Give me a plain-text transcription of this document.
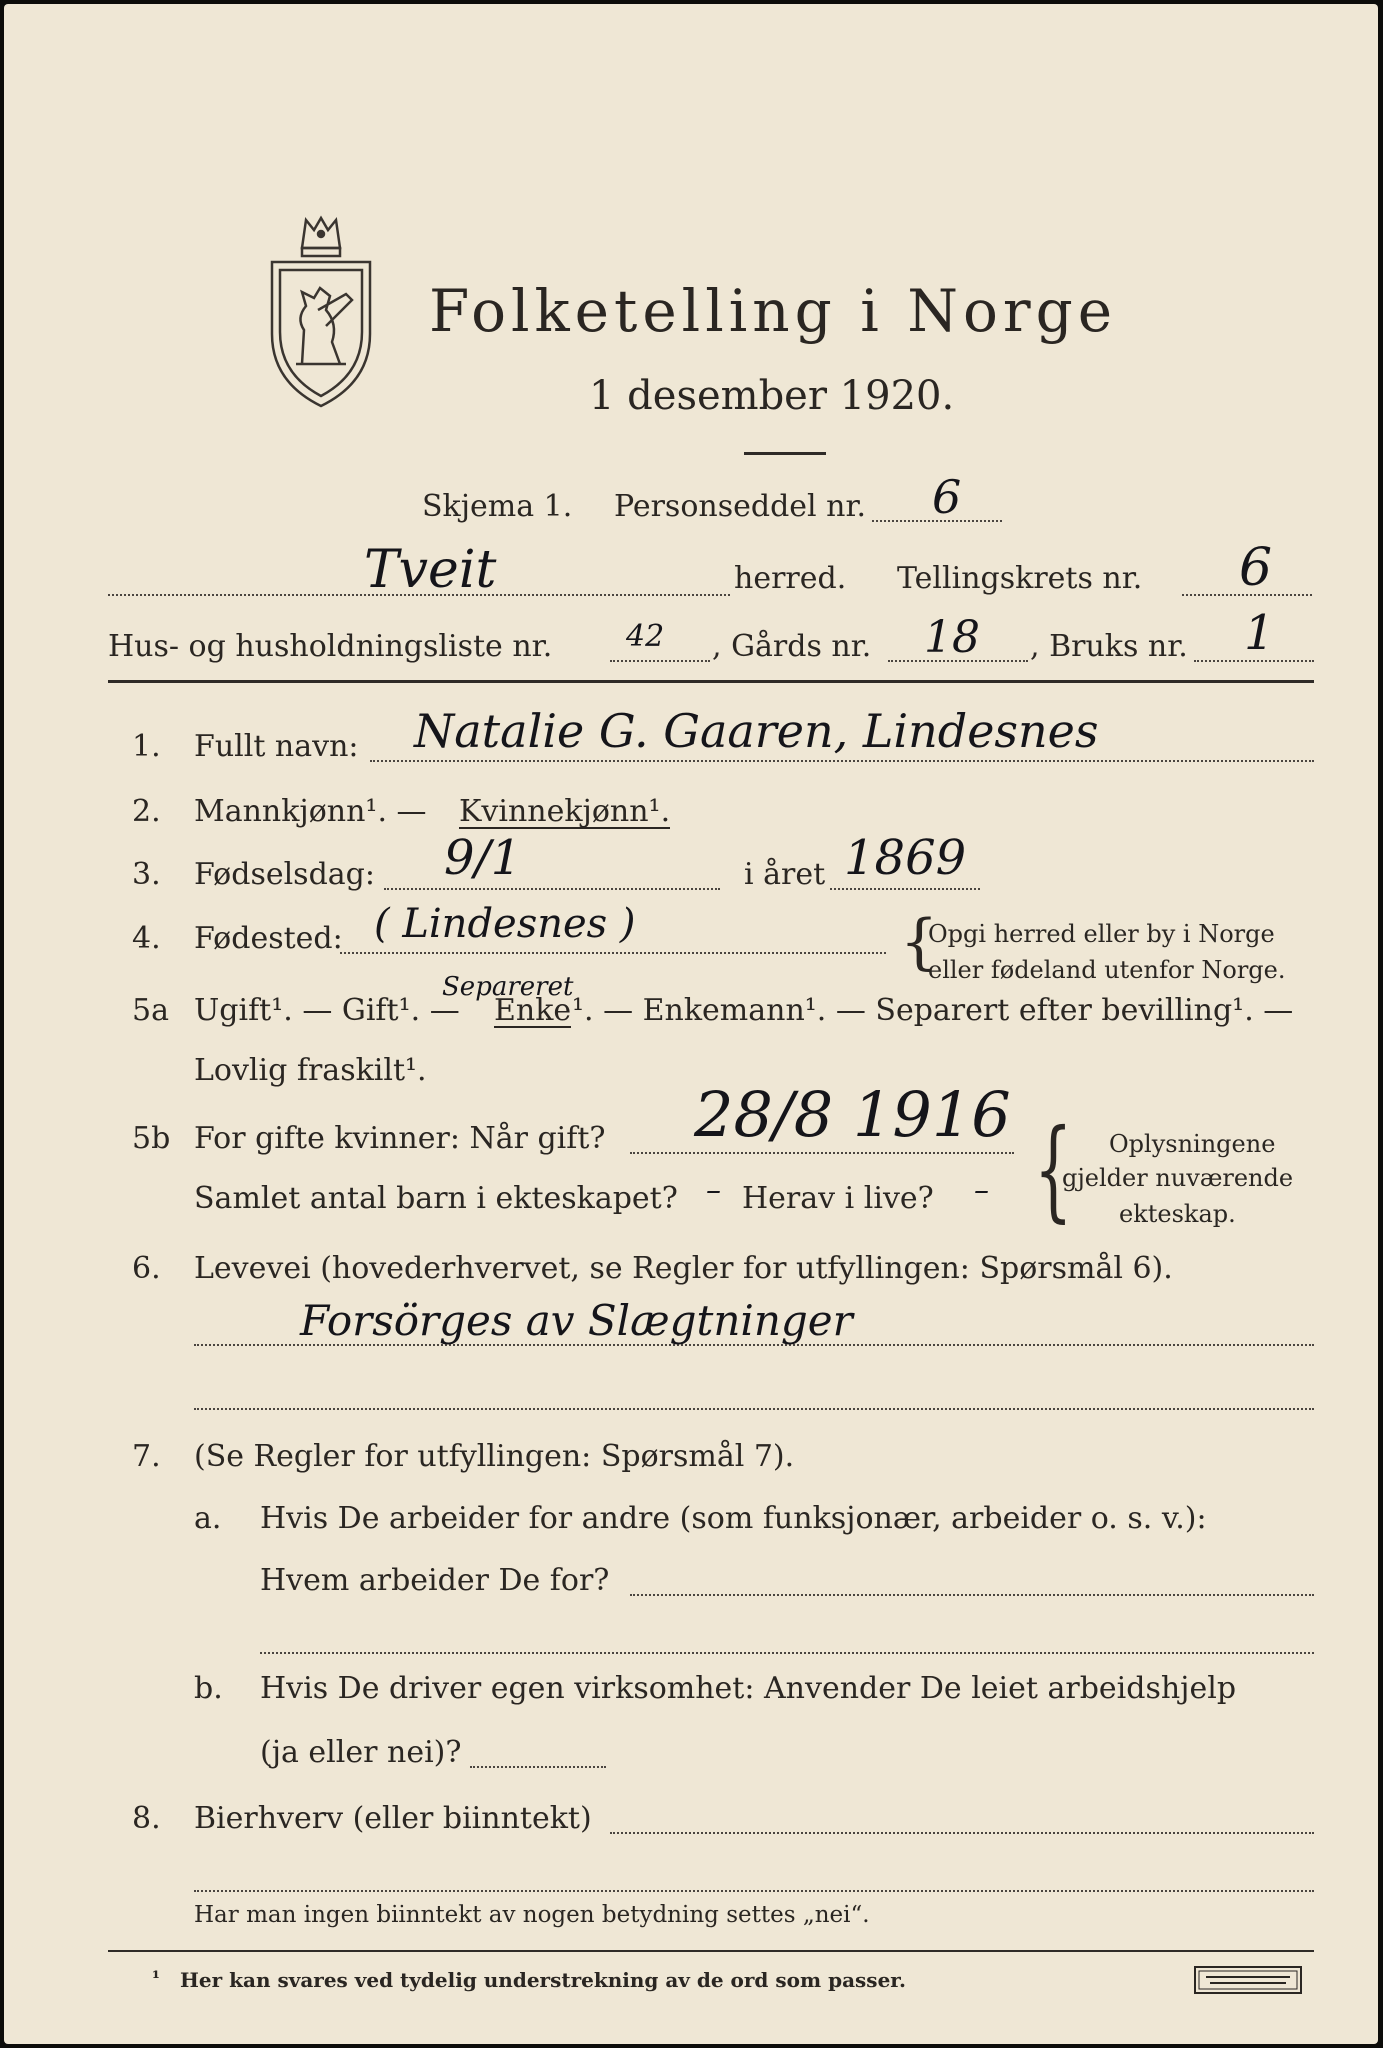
Folketelling i Norge
1 desember 1920.
Skjema 1. Personseddel nr. 6
Tveit	herred. Tellingskrets nr. 6
Hus- og husholdningsliste nr. 42 , Gårds nr. 18 , Bruks nr. 1
1. Fullt navn: Natalie G. Gaaren, Lindesnes
2. Mannkjønn¹. — Kvinnekjønn¹.
3. Fødselsdag: 9/1	i året 1869
4. Fødested: ( Lindesnes )	{
Opgi herred eller by i Norge
eller fødeland utenfor Norge.
Separeret
5a Ugift¹. — Gift¹. — Enke ¹. — Enkemann¹. — Separert efter bevilling¹. —
Lovlig fraskilt¹.
5b For gifte kvinner: Når gift? 28/8 1916
Samlet antal barn i ekteskapet? – Herav i live? – { Oplysningene
gjelder nuværende
ekteskap.
6. Levevei (hovederhvervet, se Regler for utfyllingen: Spørsmål 6).
Forsörges av Slægtninger
7. (Se Regler for utfyllingen: Spørsmål 7).
a. Hvis De arbeider for andre (som funksjonær, arbeider o. s. v.):
Hvem arbeider De for?
b. Hvis De driver egen virksomhet: Anvender De leiet arbeidshjelp
(ja eller nei)?
8. Bierhverv (eller biinntekt)
Har man ingen biinntekt av nogen betydning settes „nei“.
¹ Her kan svares ved tydelig understrekning av de ord som passer.
